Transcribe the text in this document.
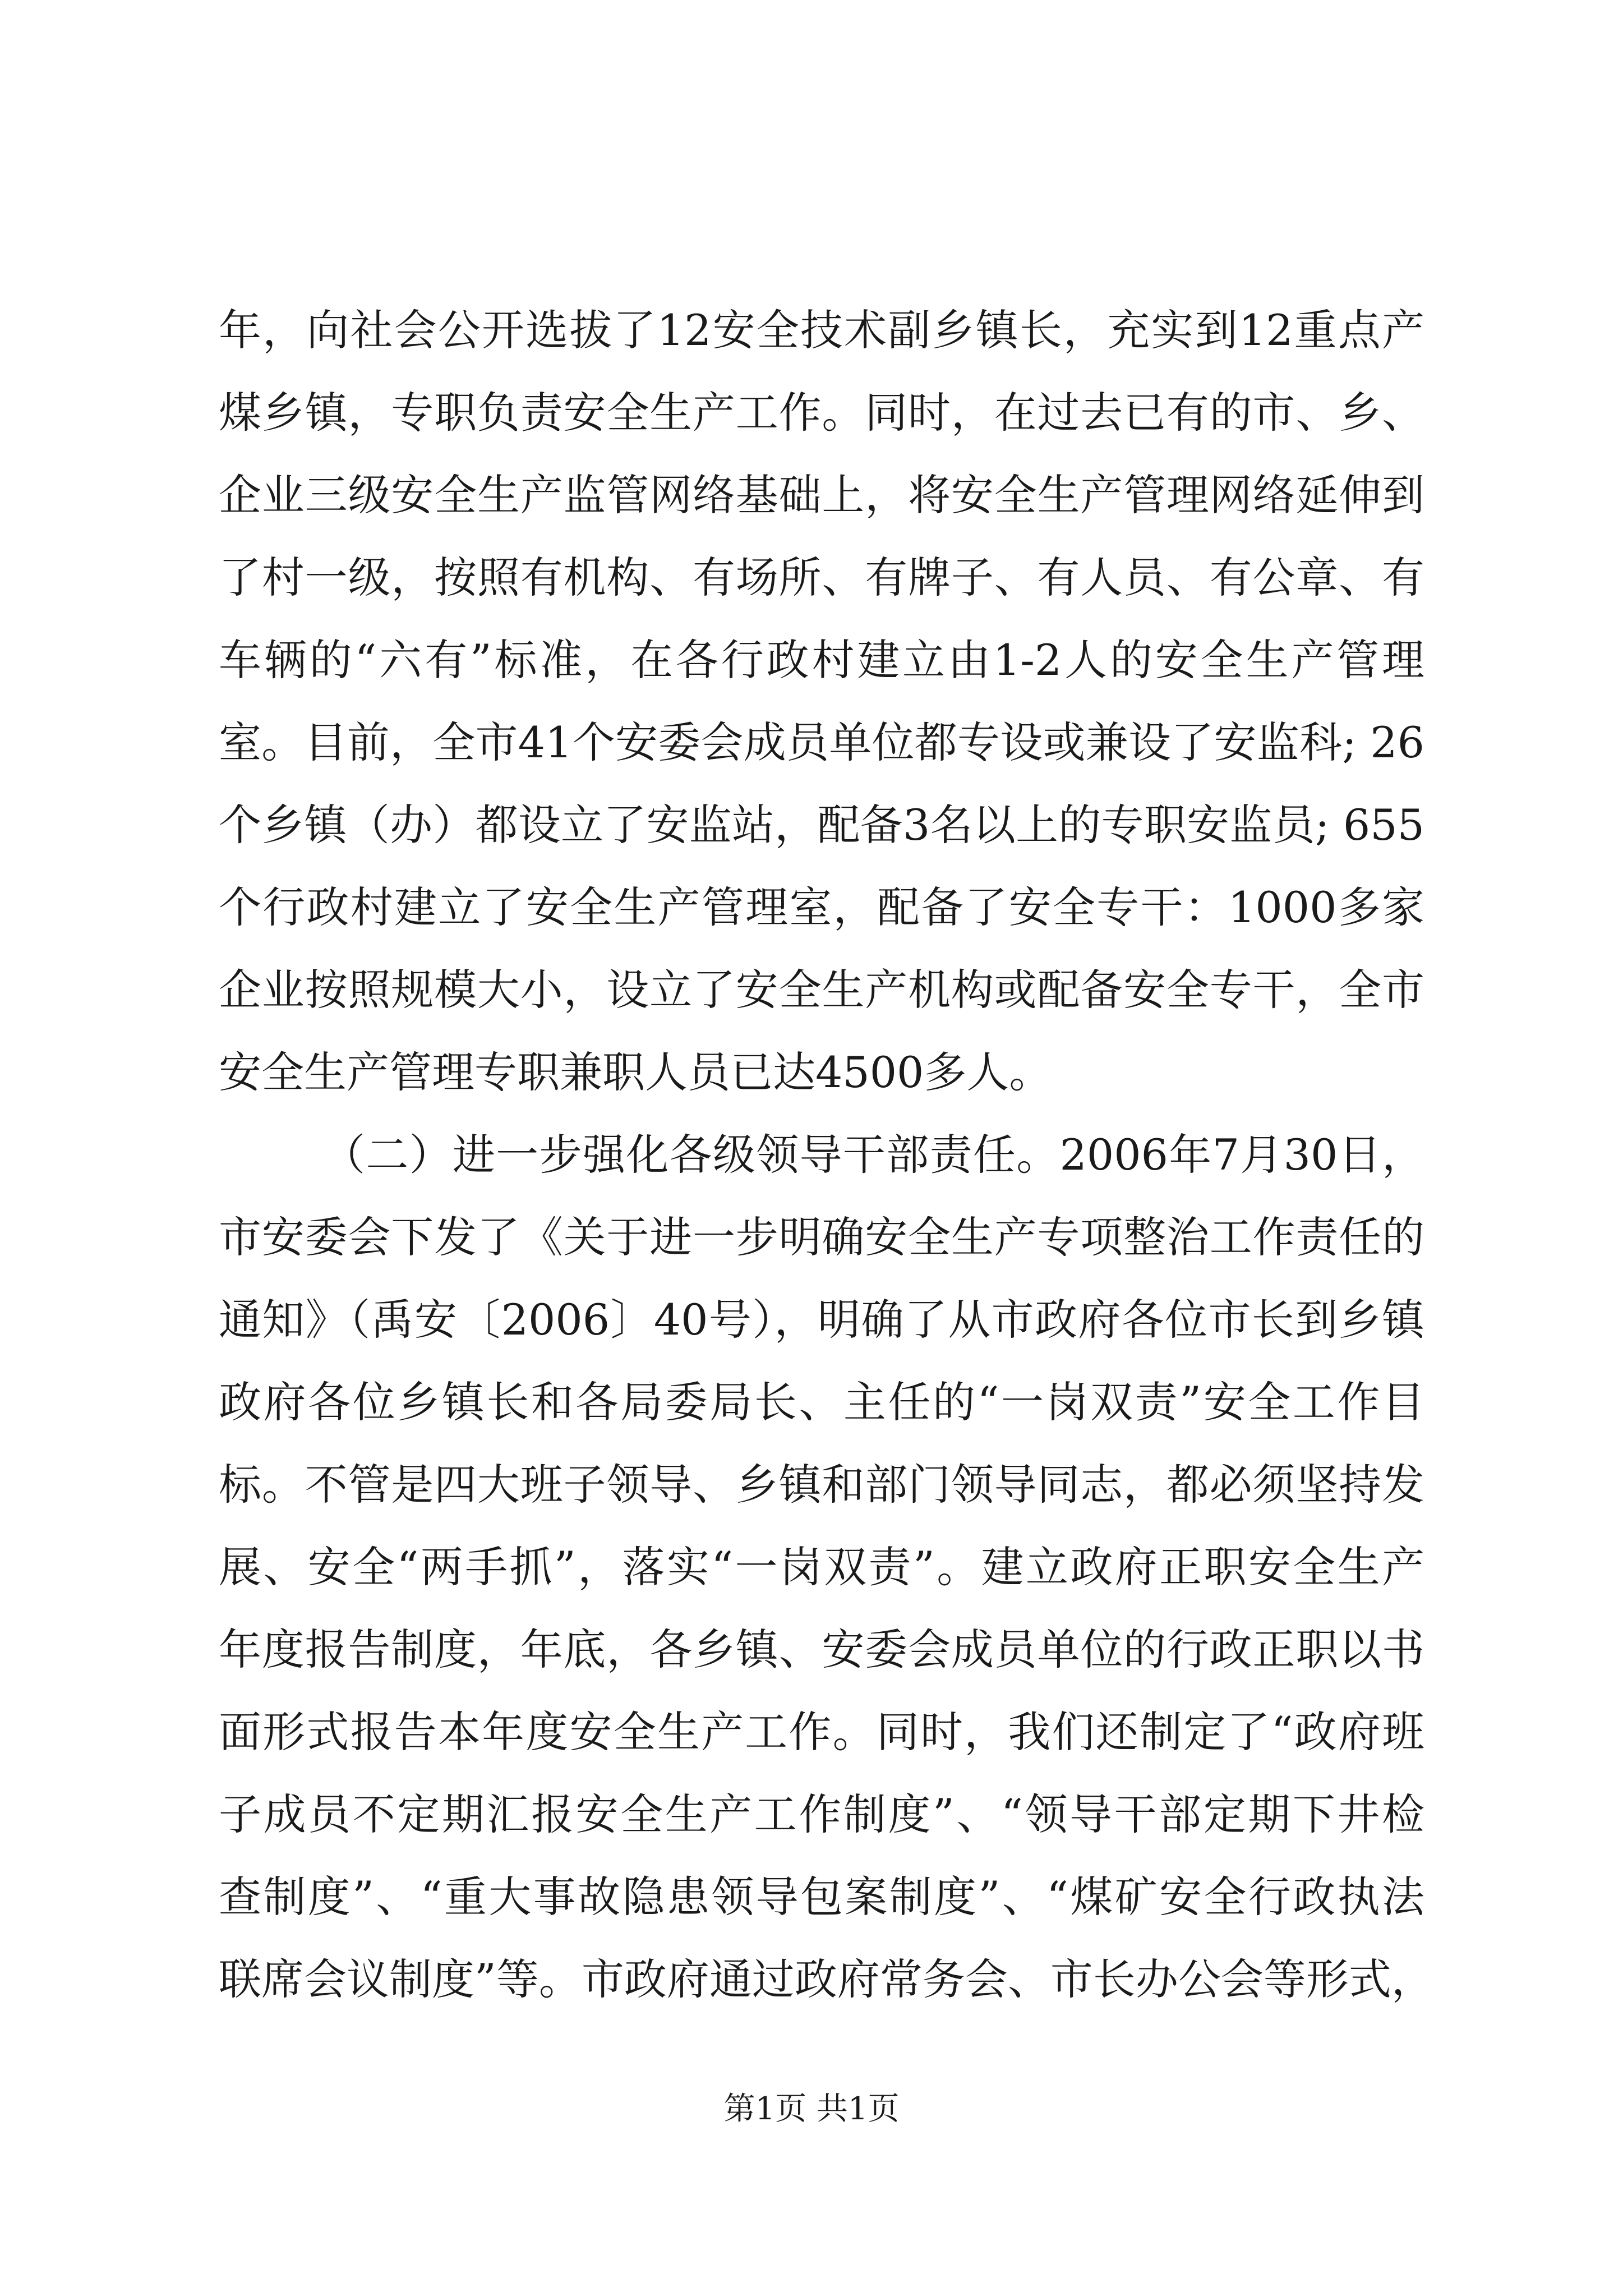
年，向社会公开选拔了12安全技术副乡镇长，充实到12重点产
煤乡镇，专职负责安全生产工作。同时，在过去已有的市、乡、
企业三级安全生产监管网络基础上，将安全生产管理网络延伸到
了村一级，按照有机构、有场所、有牌子、有人员、有公章、有
车辆的“六有”标准，在各行政村建立由1-2人的安全生产管理
室。目前，全市41个安委会成员单位都专设或兼设了安监科; 26
个乡镇（办）都设立了安监站，配备3名以上的专职安监员; 655
个行政村建立了安全生产管理室，配备了安全专干：1000多家
企业按照规模大小，设立了安全生产机构或配备安全专干，全市
安全生产管理专职兼职人员已达4500多人。
（二）进一步强化各级领导干部责任。2006年7月30日，
市安委会下发了《关于进一步明确安全生产专项整治工作责任的
通知》（禹安〔2006〕40号），明确了从市政府各位市长到乡镇
政府各位乡镇长和各局委局长、主任的“一岗双责”安全工作目
标。不管是四大班子领导、乡镇和部门领导同志，都必须坚持发
展、安全“两手抓”，落实“一岗双责”。建立政府正职安全生产
年度报告制度，年底，各乡镇、安委会成员单位的行政正职以书
面形式报告本年度安全生产工作。同时，我们还制定了“政府班
子成员不定期汇报安全生产工作制度”、“领导干部定期下井检
查制度”、“重大事故隐患领导包案制度”、“煤矿安全行政执法
联席会议制度”等。市政府通过政府常务会、市长办公会等形式，
第1页 共1页
